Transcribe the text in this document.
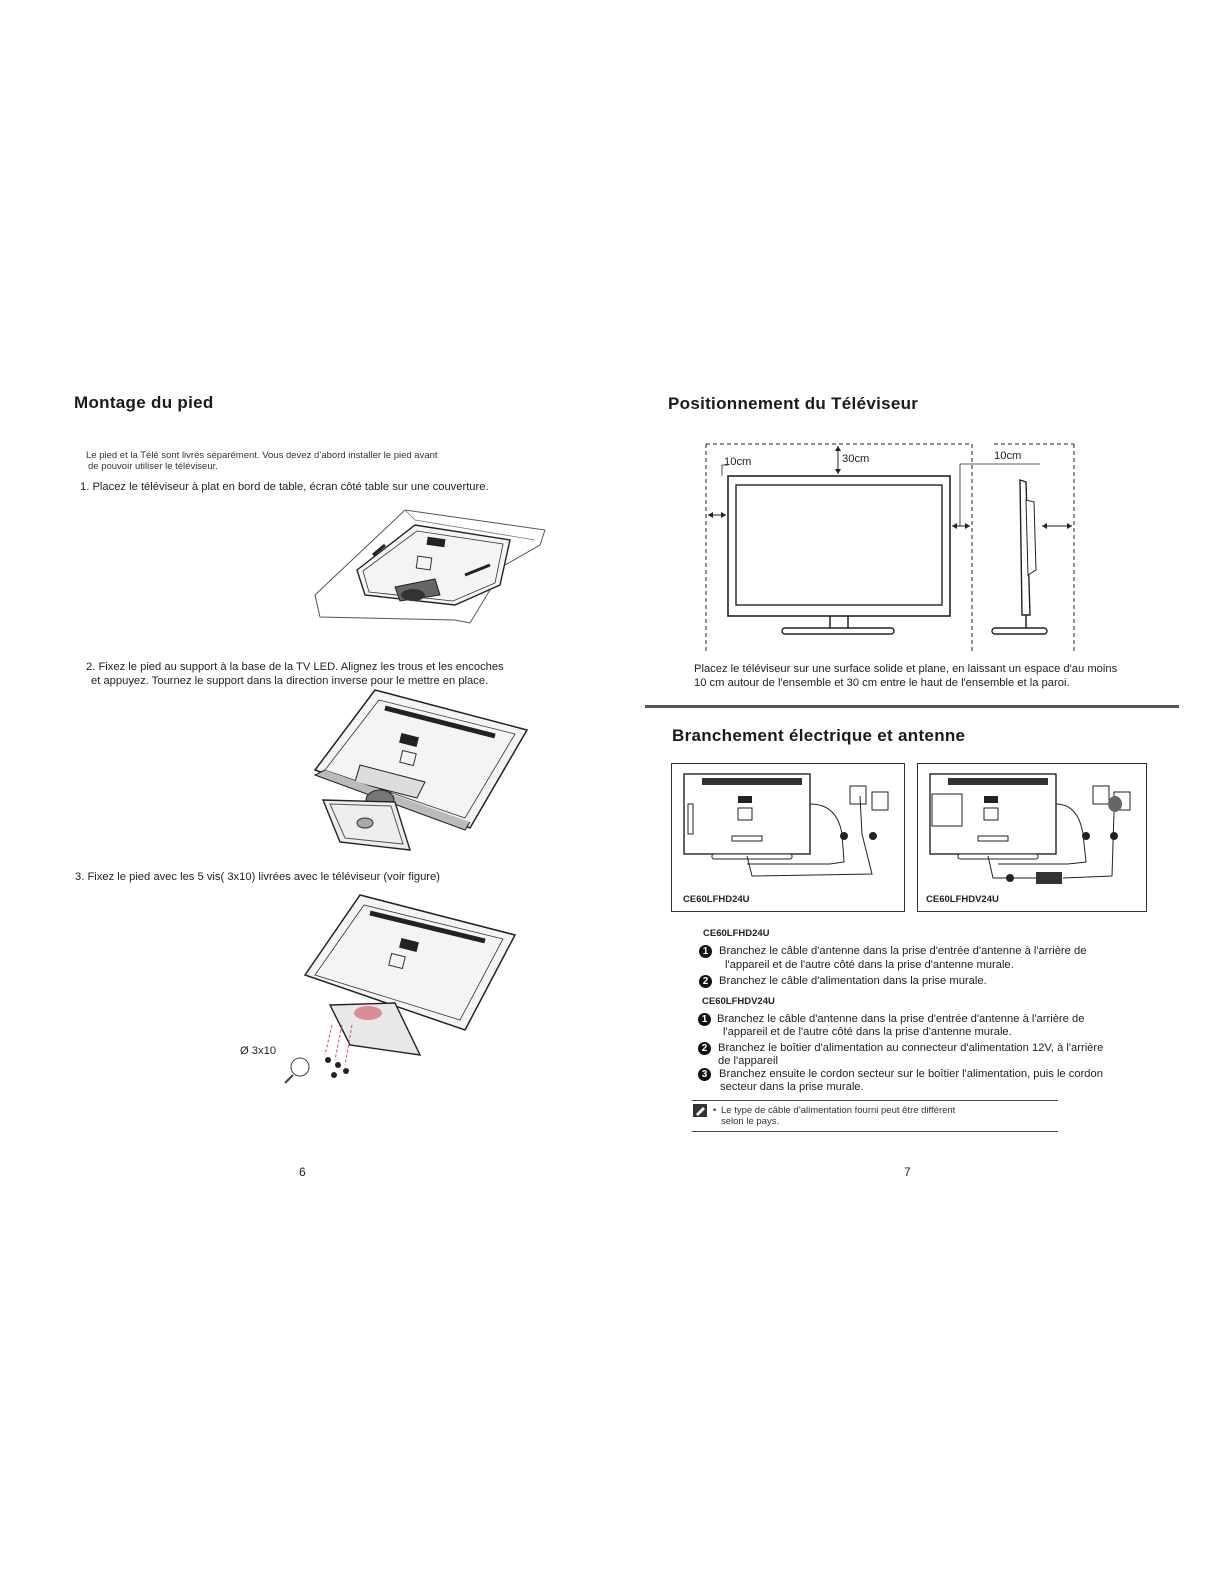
Montage du pied
Le pied et la Télé sont livrés séparément. Vous devez d’abord installer le pied avant
de pouvoir utiliser le téléviseur.
1. Placez le téléviseur à plat en bord de table, écran côté table sur une couverture.
2. Fixez le pied au support à la base de la TV LED. Alignez les trous et les encoches
et appuyez. Tournez le support dans la direction inverse pour le mettre en place.
3. Fixez le pied avec les 5 vis( 3x10) livrées avec le téléviseur (voir figure)
Ø 3x10
6
Positionnement du Téléviseur
10cm	30cm	10cm
Placez le téléviseur sur une surface solide et plane, en laissant un espace d'au moins
10 cm autour de l'ensemble et 30 cm entre le haut de l'ensemble et la paroi.
Branchement électrique et antenne
CE60LFHD24U	CE60LFHDV24U
CE60LFHD24U
1 Branchez le câble d'antenne dans la prise d'entrée d'antenne à l'arrière de
l'appareil et de l'autre côté dans la prise d'antenne murale.
2 Branchez le câble d'alimentation dans la prise murale.
CE60LFHDV24U
1 Branchez le câble d'antenne dans la prise d'entrée d'antenne à l'arrière de
l'appareil et de l'autre côté dans la prise d'antenne murale.
2 Branchez le boîtier d'alimentation au connecteur d'alimentation 12V, à l'arrière
de l'appareil
3	Branchez ensuite le cordon secteur sur le boîtier l'alimentation, puis le cordon
secteur dans la prise murale.
• Le type de câble d’alimentation fourni peut être différent
selon le pays.
7
